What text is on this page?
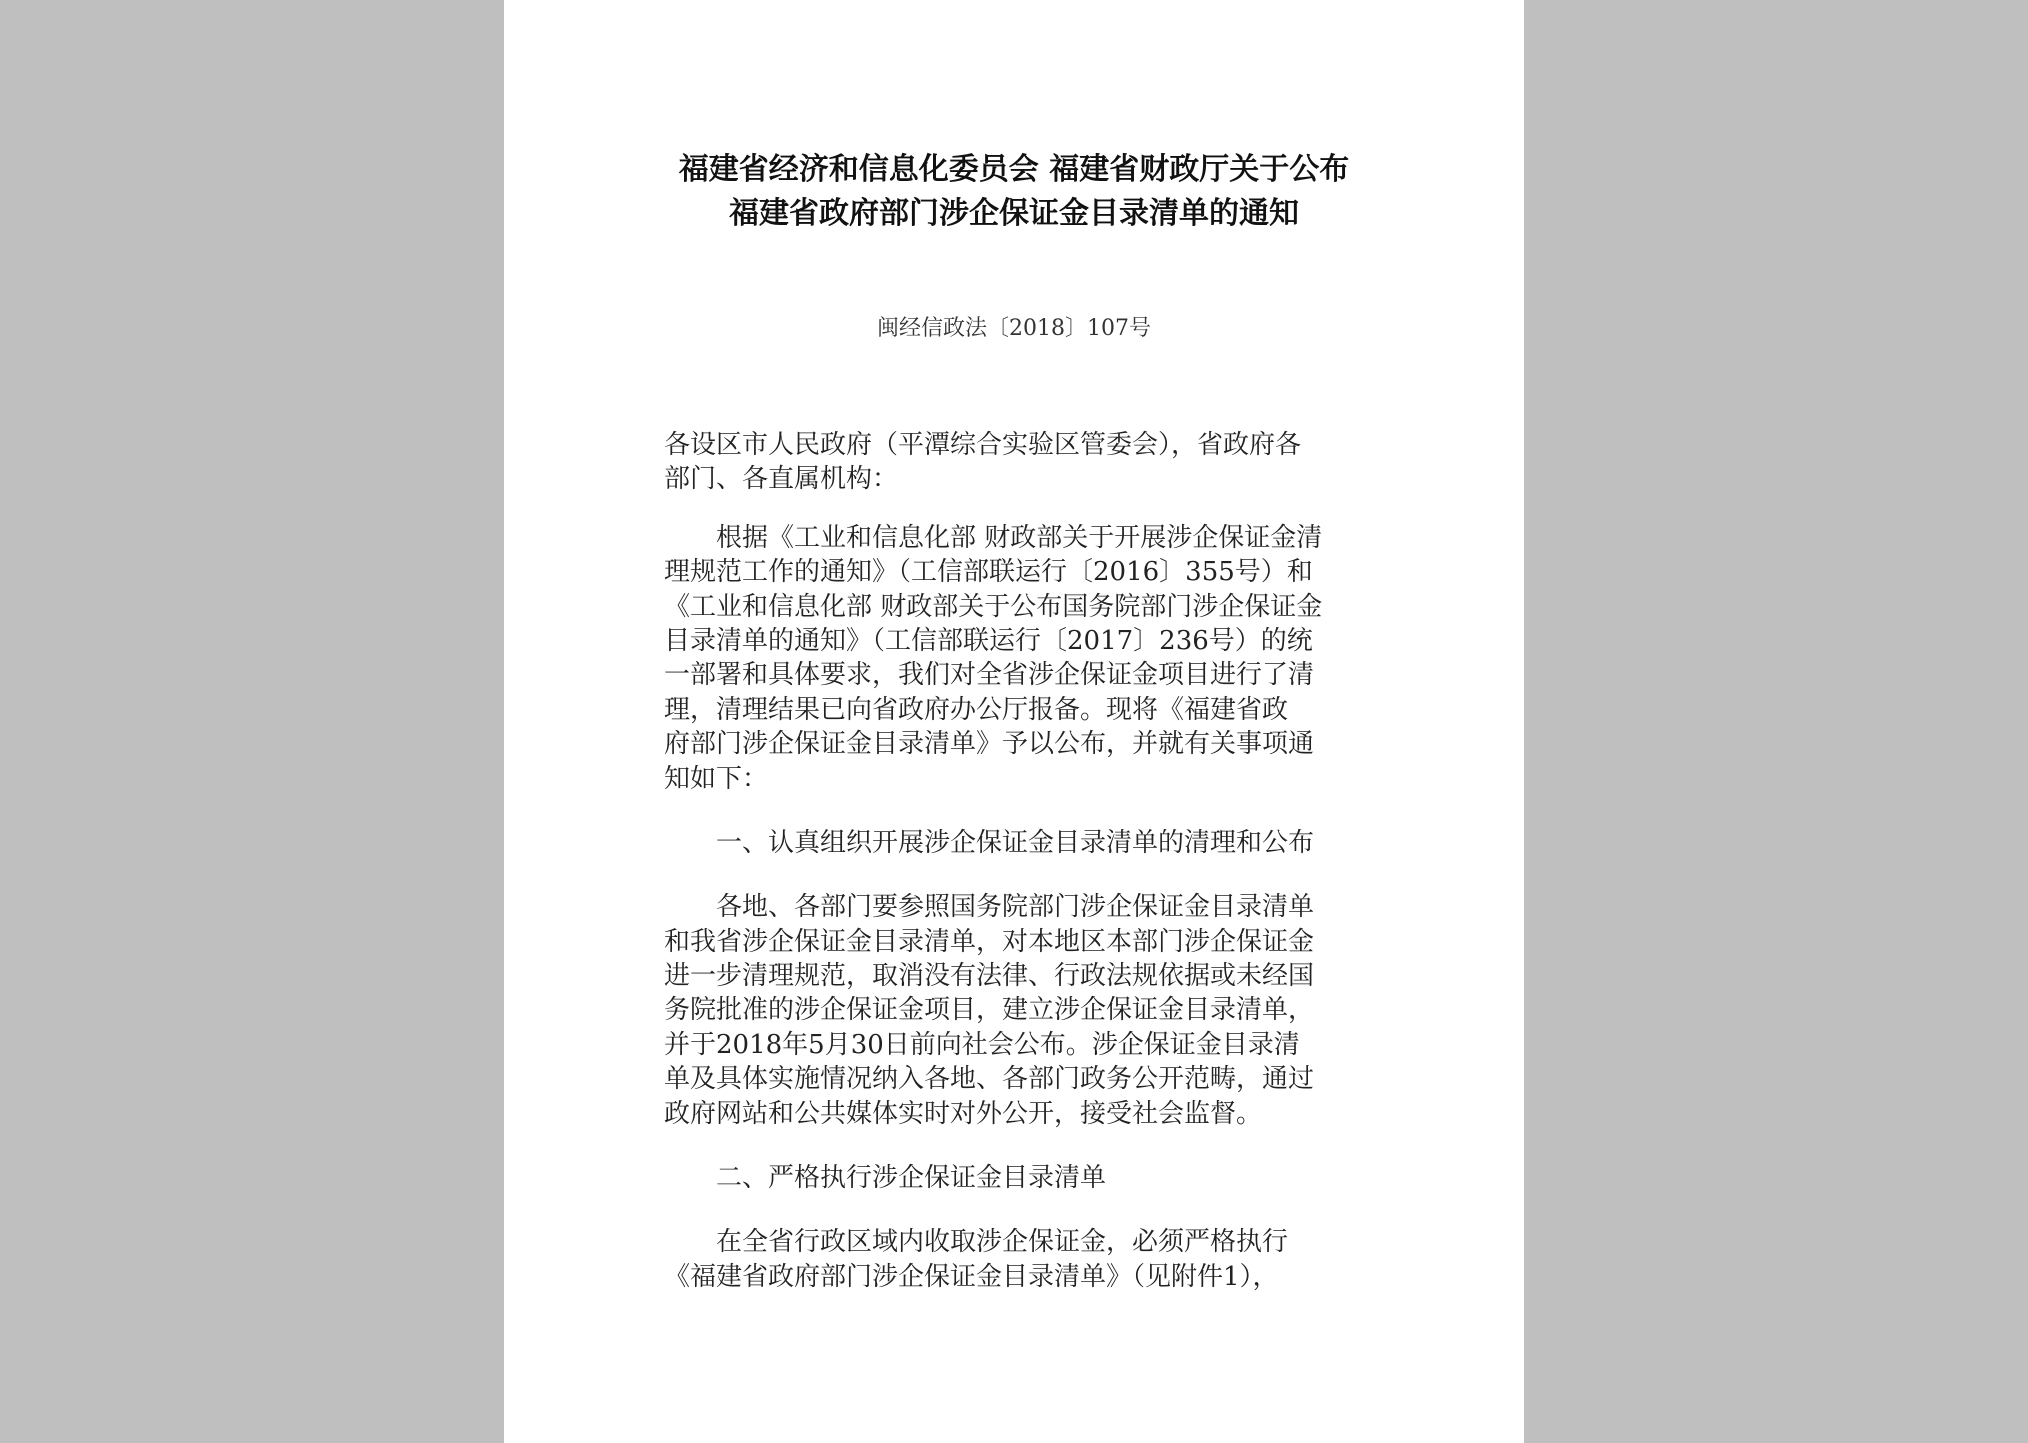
福建省经济和信息化委员会 福建省财政厅关于公布
福建省政府部门涉企保证金目录清单的通知
闽经信政法〔2018〕107号
各设区市人民政府（平潭综合实验区管委会），省政府各
部门、各直属机构：
根据《工业和信息化部 财政部关于开展涉企保证金清
理规范工作的通知》（工信部联运行〔2016〕355号）和
《工业和信息化部 财政部关于公布国务院部门涉企保证金
目录清单的通知》（工信部联运行〔2017〕236号）的统
一部署和具体要求，我们对全省涉企保证金项目进行了清
理，清理结果已向省政府办公厅报备。现将《福建省政
府部门涉企保证金目录清单》予以公布，并就有关事项通
知如下：
一、认真组织开展涉企保证金目录清单的清理和公布
各地、各部门要参照国务院部门涉企保证金目录清单
和我省涉企保证金目录清单，对本地区本部门涉企保证金
进一步清理规范，取消没有法律、行政法规依据或未经国
务院批准的涉企保证金项目，建立涉企保证金目录清单，
并于2018年5月30日前向社会公布。涉企保证金目录清
单及具体实施情况纳入各地、各部门政务公开范畴，通过
政府网站和公共媒体实时对外公开，接受社会监督。
二、严格执行涉企保证金目录清单
在全省行政区域内收取涉企保证金，必须严格执行
《福建省政府部门涉企保证金目录清单》（见附件1），
